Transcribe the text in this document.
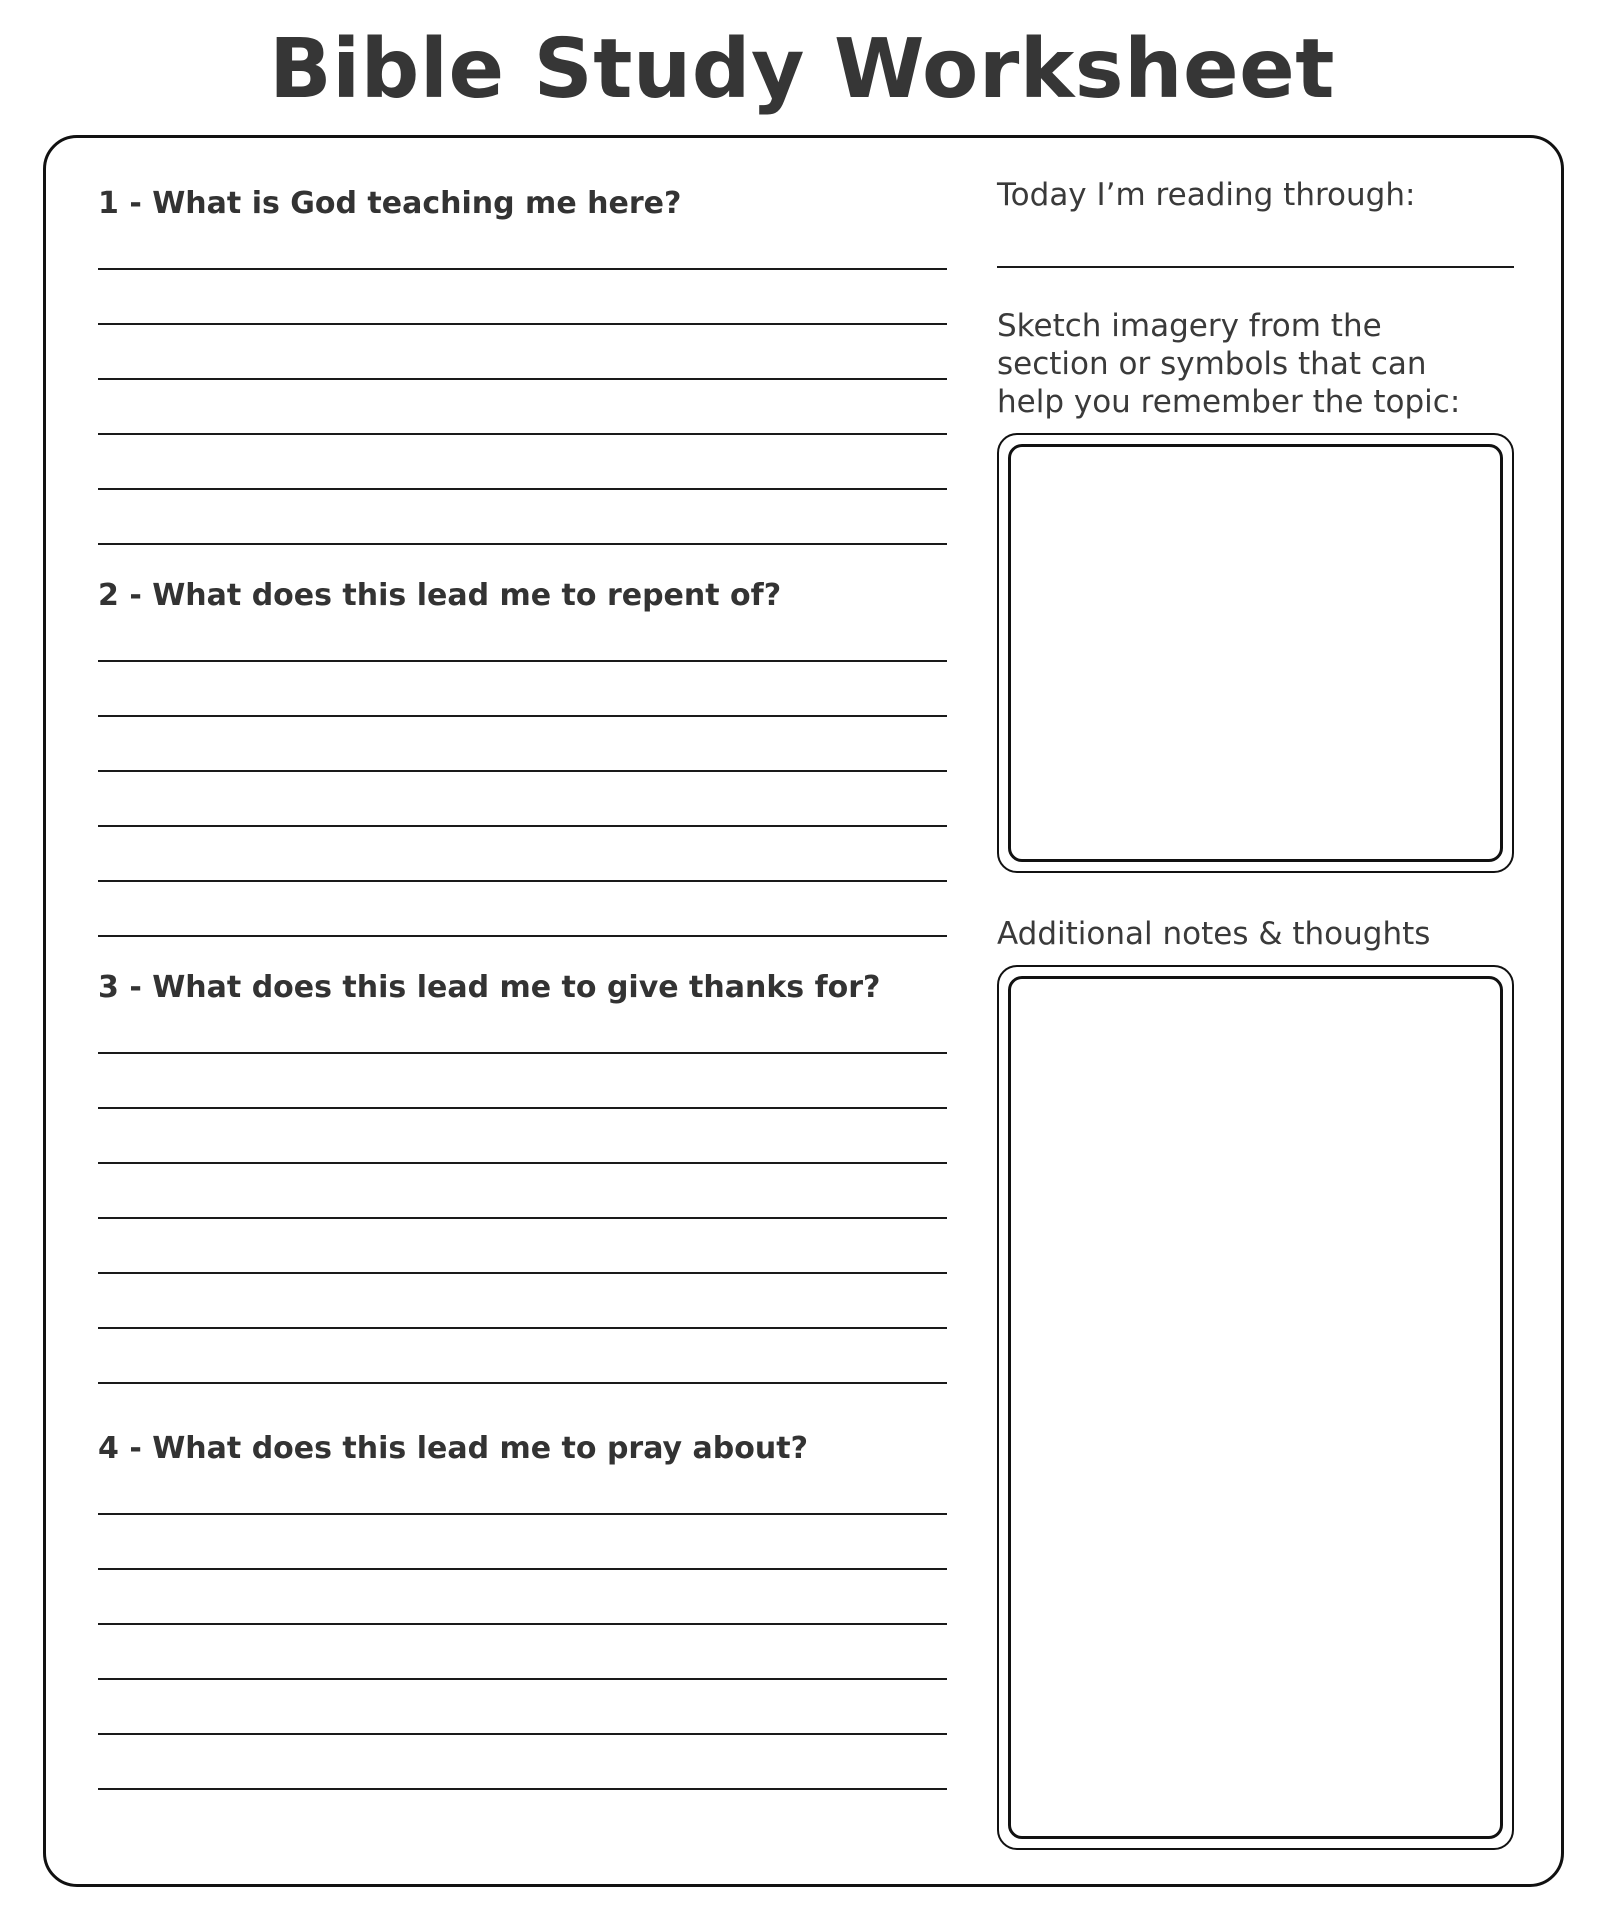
Bible Study Worksheet
1 - What is God teaching me here?
2 - What does this lead me to repent of?
3 - What does this lead me to give thanks for?
4 - What does this lead me to pray about?
Today I’m reading through:
Sketch imagery from the section or symbols that can help you remember the topic:
Additional notes & thoughts
